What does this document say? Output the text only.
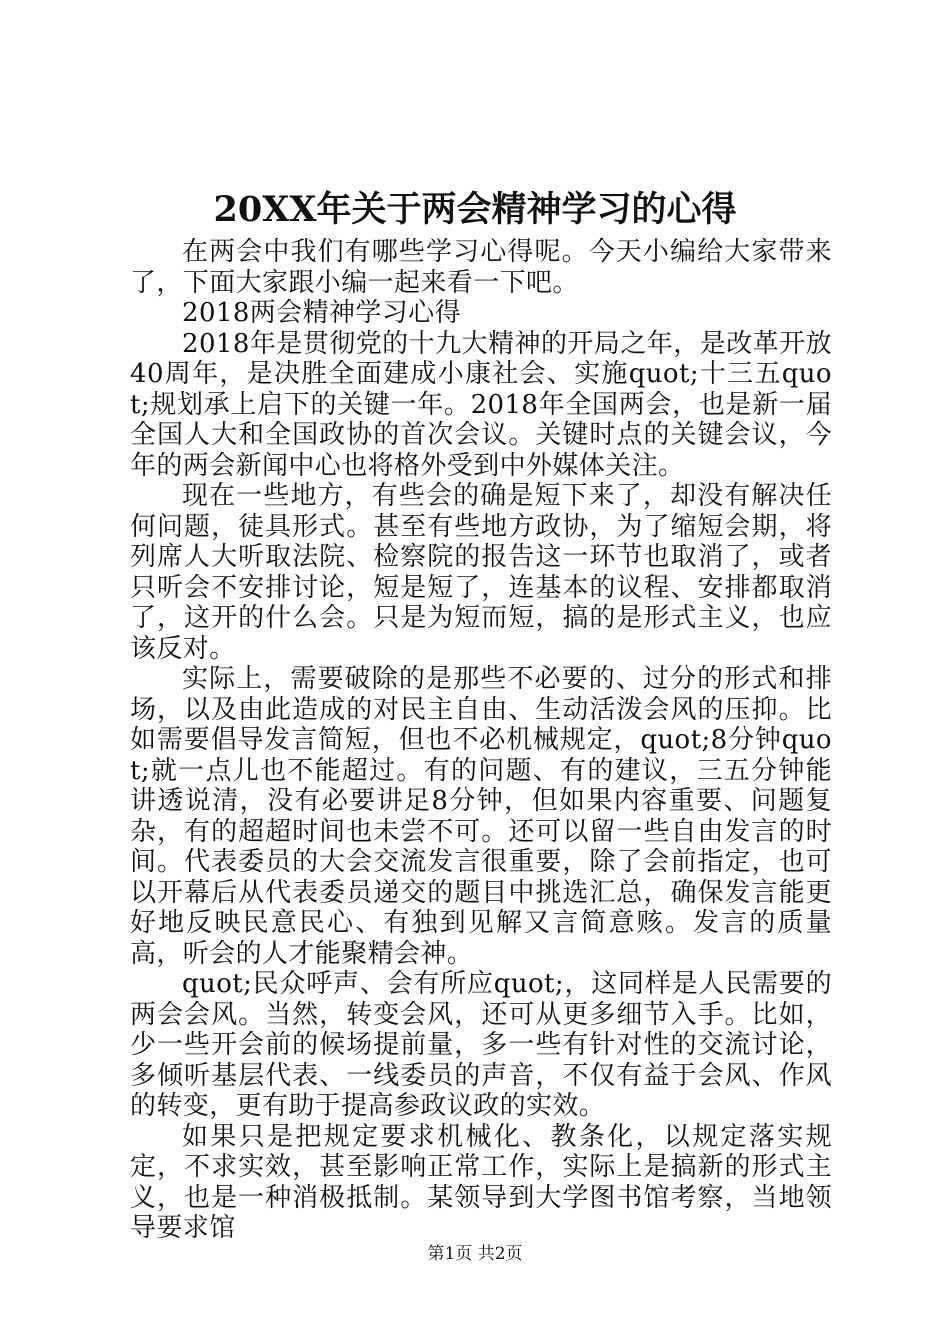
20XX年关于两会精神学习的心得

在两会中我们有哪些学习心得呢。今天小编给大家带来了，下面大家跟小编一起来看一下吧。

2018两会精神学习心得

2018年是贯彻党的十九大精神的开局之年，是改革开放40周年，是决胜全面建成小康社会、实施quot;十三五quot;规划承上启下的关键一年。2018年全国两会，也是新一届全国人大和全国政协的首次会议。关键时点的关键会议，今年的两会新闻中心也将格外受到中外媒体关注。

现在一些地方，有些会的确是短下来了，却没有解决任何问题，徒具形式。甚至有些地方政协，为了缩短会期，将列席人大听取法院、检察院的报告这一环节也取消了，或者只听会不安排讨论，短是短了，连基本的议程、安排都取消了，这开的什么会。只是为短而短，搞的是形式主义，也应该反对。

实际上，需要破除的是那些不必要的、过分的形式和排场，以及由此造成的对民主自由、生动活泼会风的压抑。比如需要倡导发言简短，但也不必机械规定，quot;8分钟quot;就一点儿也不能超过。有的问题、有的建议，三五分钟能讲透说清，没有必要讲足8分钟，但如果内容重要、问题复杂，有的超超时间也未尝不可。还可以留一些自由发言的时间。代表委员的大会交流发言很重要，除了会前指定，也可以开幕后从代表委员递交的题目中挑选汇总，确保发言能更好地反映民意民心、有独到见解又言简意赅。发言的质量高，听会的人才能聚精会神。

quot;民众呼声、会有所应quot;，这同样是人民需要的两会会风。当然，转变会风，还可从更多细节入手。比如，少一些开会前的候场提前量，多一些有针对性的交流讨论，多倾听基层代表、一线委员的声音，不仅有益于会风、作风的转变，更有助于提高参政议政的实效。

如果只是把规定要求机械化、教条化，以规定落实规定，不求实效，甚至影响正常工作，实际上是搞新的形式主义，也是一种消极抵制。某领导到大学图书馆考察，当地领导要求馆

第1页 共2页
